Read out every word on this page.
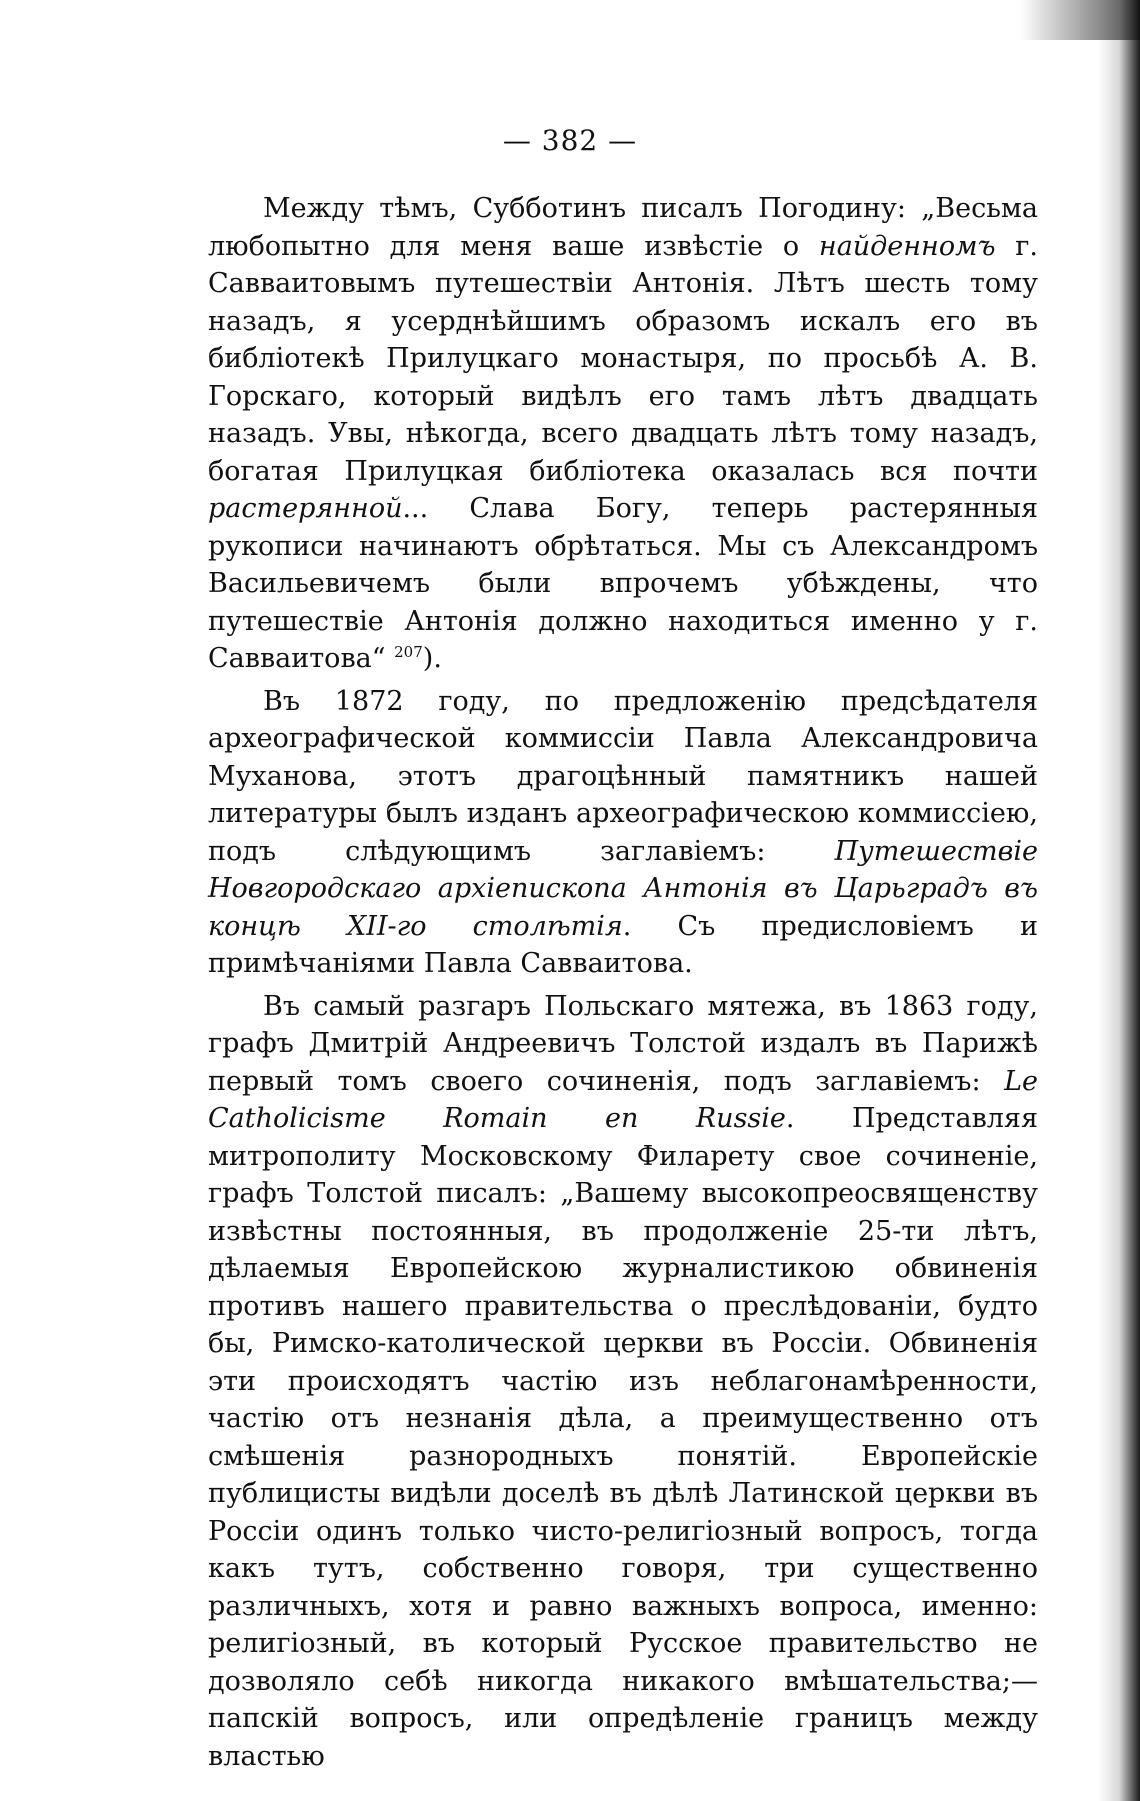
— 382 —

Между тѣмъ, Субботинъ писалъ Погодину: „Весьма любопытно для меня ваше извѣстіе о найденномъ г. Савваитовымъ путешествіи Антонія. Лѣтъ шесть тому назадъ, я усерднѣйшимъ образомъ искалъ его въ библіотекѣ Прилуцкаго монастыря, по просьбѣ А. В. Горскаго, который видѣлъ его тамъ лѣтъ двадцать назадъ. Увы, нѣкогда, всего двадцать лѣтъ тому назадъ, богатая Прилуцкая библіотека оказалась вся почти растерянной... Слава Богу, теперь растерянныя рукописи начинаютъ обрѣтаться. Мы съ Александромъ Васильевичемъ были впрочемъ убѣждены, что путешествіе Антонія должно находиться именно у г. Савваитова“ $^{207}$).

Въ 1872 году, по предложенію предсѣдателя археографической коммиссіи Павла Александровича Муханова, этотъ драгоцѣнный памятникъ нашей литературы былъ изданъ археографическою коммиссіею, подъ слѣдующимъ заглавіемъ: Путешествіе Новгородскаго архіепископа Антонія въ Царьградъ въ концѣ XII-го столѣтія. Съ предисловіемъ и примѣчаніями Павла Савваитова.

Въ самый разгаръ Польскаго мятежа, въ 1863 году, графъ Дмитрій Андреевичъ Толстой издалъ въ Парижѣ первый томъ своего сочиненія, подъ заглавіемъ: Le Catholicisme Romain en Russie. Представляя митрополиту Московскому Филарету свое сочиненіе, графъ Толстой писалъ: „Вашему высокопреосвященству извѣстны постоянныя, въ продолженіе 25-ти лѣтъ, дѣлаемыя Европейскою журналистикою обвиненія противъ нашего правительства о преслѣдованіи, будто бы, Римско-католической церкви въ Россіи. Обвиненія эти происходятъ частію изъ неблагонамѣренности, частію отъ незнанія дѣла, а преимущественно отъ смѣшенія разнородныхъ понятій. Европейскіе публицисты видѣли доселѣ въ дѣлѣ Латинской церкви въ Россіи одинъ только чисто-религіозный вопросъ, тогда какъ тутъ, собственно говоря, три существенно различныхъ, хотя и равно важныхъ вопроса, именно: религіозный, въ который Русское правительство не дозволяло себѣ никогда никакого вмѣшательства;—папскій вопросъ, или опредѣленіе границъ между властью
